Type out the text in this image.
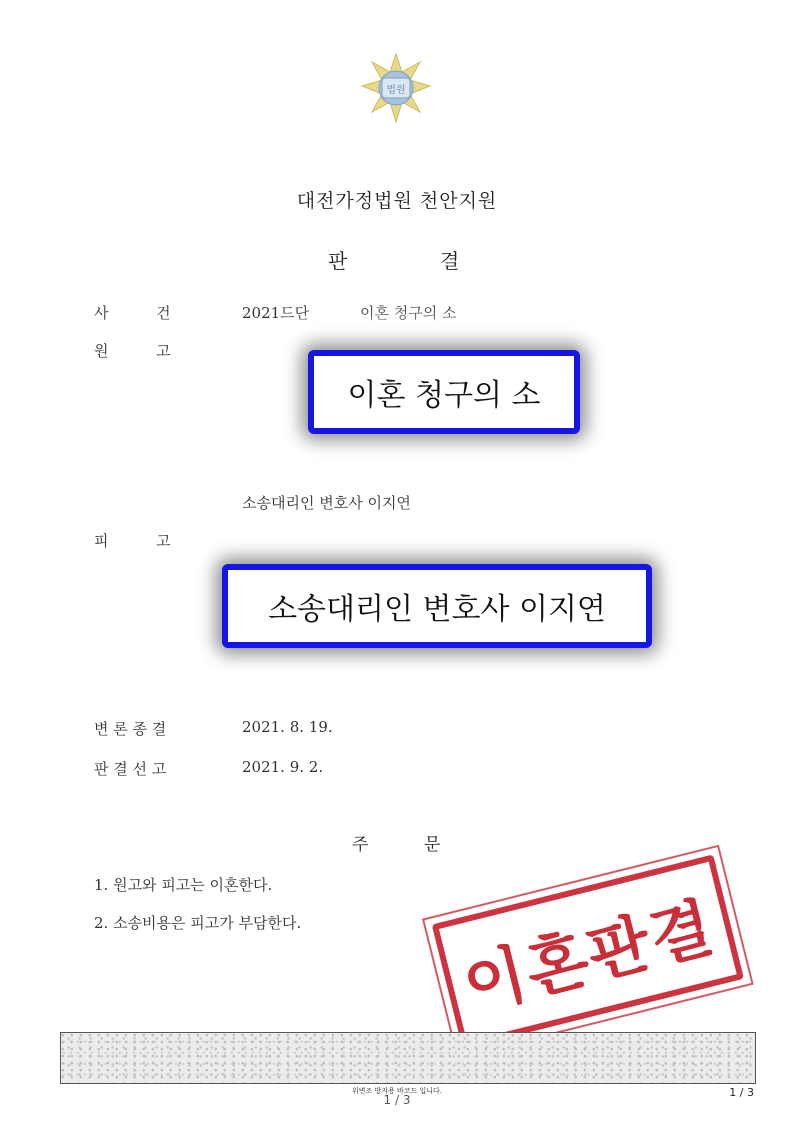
법원
대전가정법원 천안지원
판	결
사          건	2021드단	이혼 청구의 소
원          고
이혼 청구의 소
소송대리인 변호사 이지연
피          고
소송대리인 변호사 이지연
변 론 종 결	2021. 8. 19.
판 결 선 고	2021. 9. 2.
주	문
1. 원고와 피고는 이혼한다.
2. 소송비용은 피고가 부담한다.	이혼판결
위변조 방지용 바코드 입니다.
1 / 3
1 / 3
